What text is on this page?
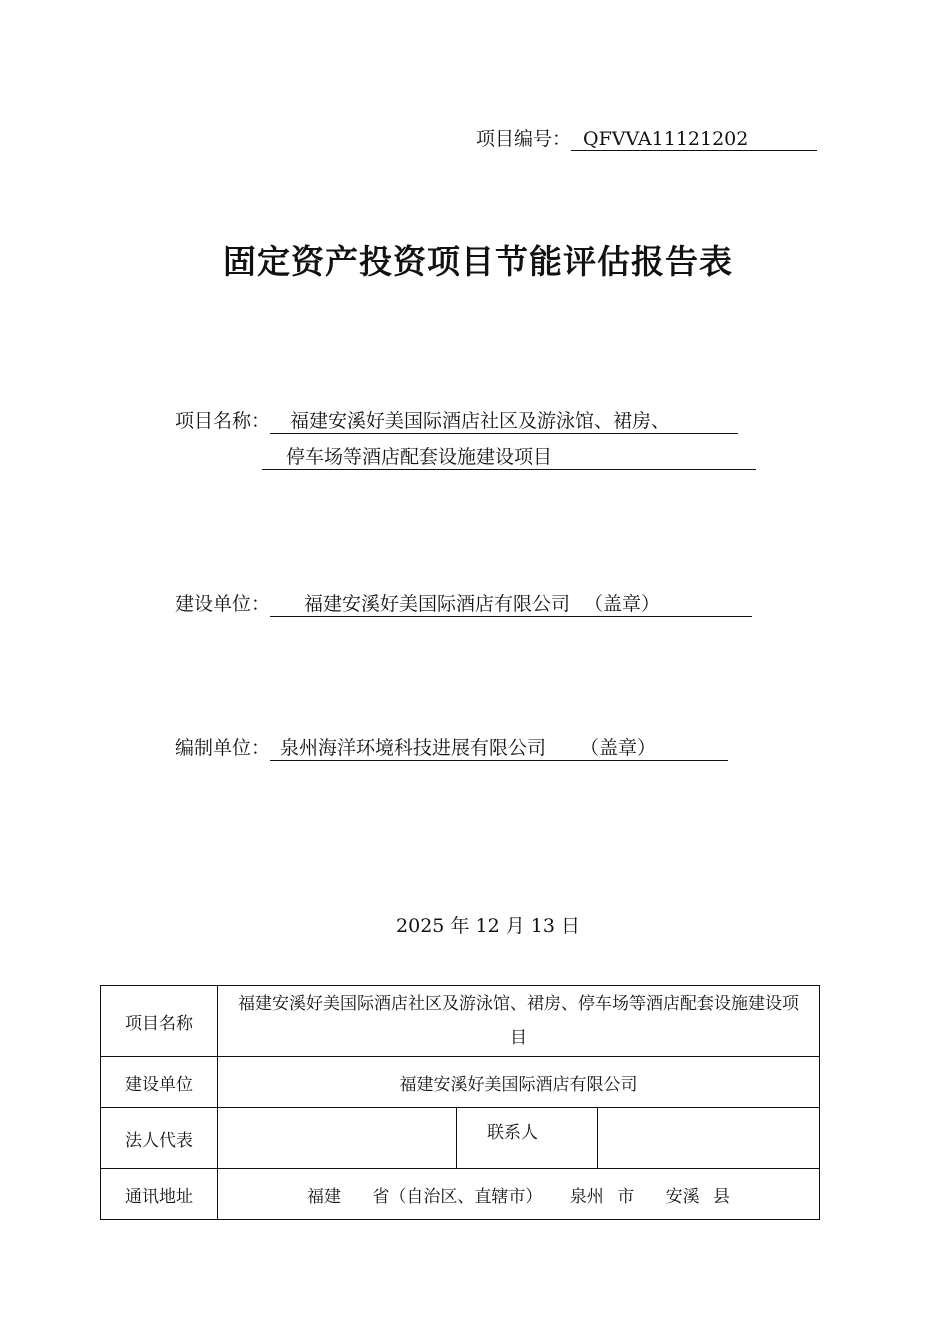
项目编号： QFVVA11121202
固定资产投资项目节能评估报告表
项目名称： 福建安溪好美国际酒店社区及游泳馆、裙房、
停车场等酒店配套设施建设项目
建设单位： 福建安溪好美国际酒店有限公司 （盖章）
编制单位： 泉州海洋环境科技进展有限公司 （盖章）
2025 年 12 月 13 日
项目名称	福建安溪好美国际酒店社区及游泳馆、裙房、停车场等酒店配套设施建设项目		
建设单位	福建安溪好美国际酒店有限公司		
法人代表		联系人	
通讯地址	福建 省（自治区、直辖市） 泉州 市 安溪 县		
